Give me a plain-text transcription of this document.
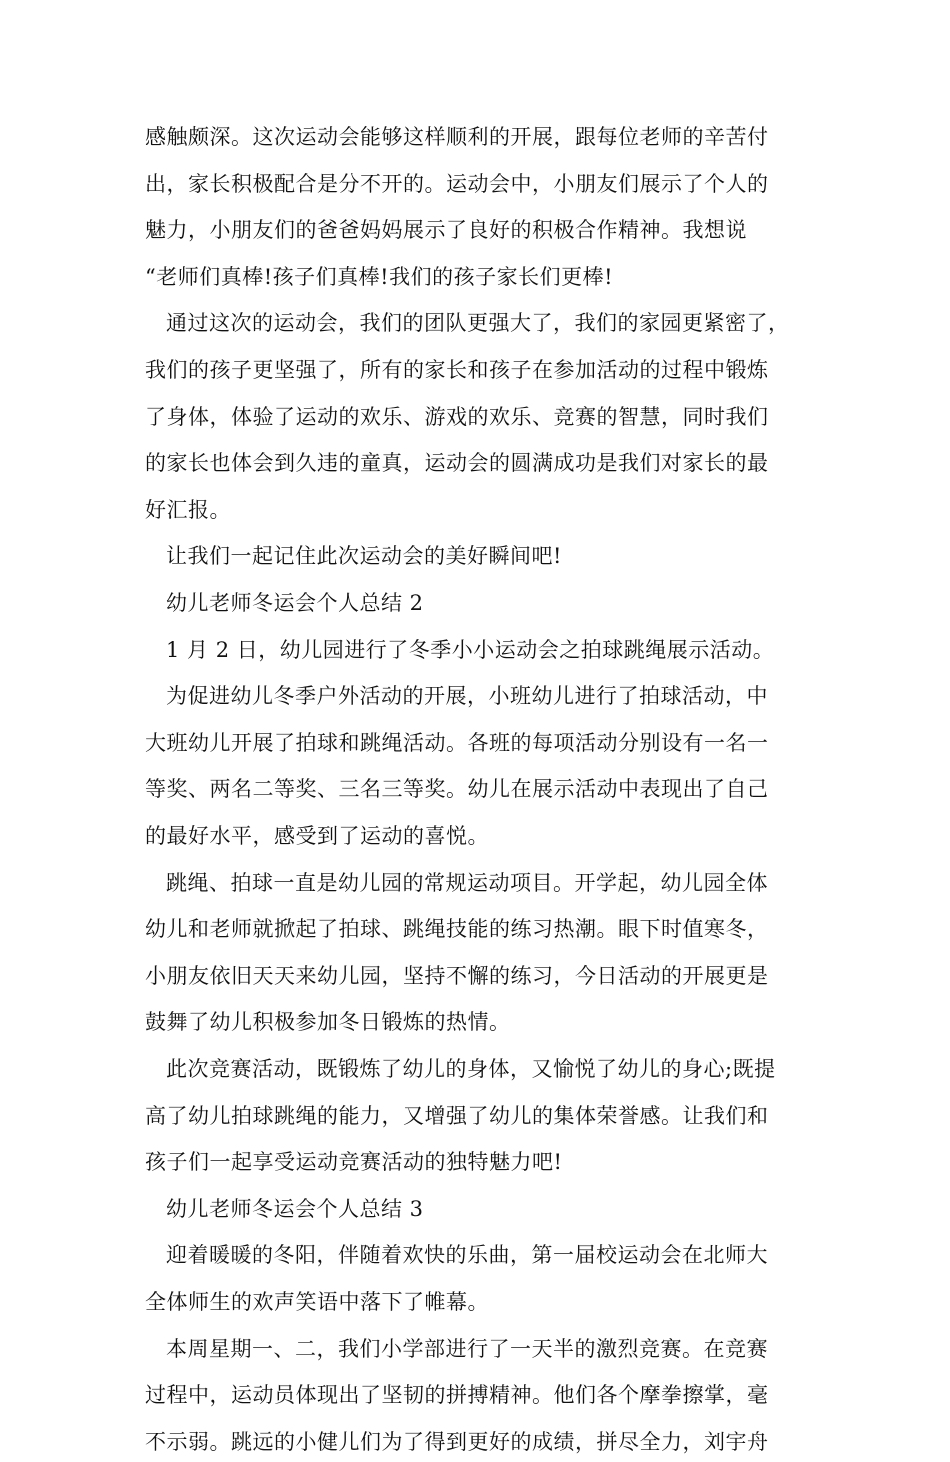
感触颇深。这次运动会能够这样顺利的开展，跟每位老师的辛苦付
出，家长积极配合是分不开的。运动会中，小朋友们展示了个人的
魅力，小朋友们的爸爸妈妈展示了良好的积极合作精神。我想说
“老师们真棒!孩子们真棒!我们的孩子家长们更棒!
通过这次的运动会，我们的团队更强大了，我们的家园更紧密了，
我们的孩子更坚强了，所有的家长和孩子在参加活动的过程中锻炼
了身体，体验了运动的欢乐、游戏的欢乐、竞赛的智慧，同时我们
的家长也体会到久违的童真，运动会的圆满成功是我们对家长的最
好汇报。
让我们一起记住此次运动会的美好瞬间吧!
幼儿老师冬运会个人总结 2
1 月 2 日，幼儿园进行了冬季小小运动会之拍球跳绳展示活动。
为促进幼儿冬季户外活动的开展，小班幼儿进行了拍球活动，中
大班幼儿开展了拍球和跳绳活动。各班的每项活动分别设有一名一
等奖、两名二等奖、三名三等奖。幼儿在展示活动中表现出了自己
的最好水平，感受到了运动的喜悦。
跳绳、拍球一直是幼儿园的常规运动项目。开学起，幼儿园全体
幼儿和老师就掀起了拍球、跳绳技能的练习热潮。眼下时值寒冬，
小朋友依旧天天来幼儿园，坚持不懈的练习，今日活动的开展更是
鼓舞了幼儿积极参加冬日锻炼的热情。
此次竞赛活动，既锻炼了幼儿的身体，又愉悦了幼儿的身心;既提
高了幼儿拍球跳绳的能力，又增强了幼儿的集体荣誉感。让我们和
孩子们一起享受运动竞赛活动的独特魅力吧!
幼儿老师冬运会个人总结 3
迎着暖暖的冬阳，伴随着欢快的乐曲，第一届校运动会在北师大
全体师生的欢声笑语中落下了帷幕。
本周星期一、二，我们小学部进行了一天半的激烈竞赛。在竞赛
过程中，运动员体现出了坚韧的拼搏精神。他们各个摩拳擦掌，毫
不示弱。跳远的小健儿们为了得到更好的成绩，拼尽全力，刘宇舟
